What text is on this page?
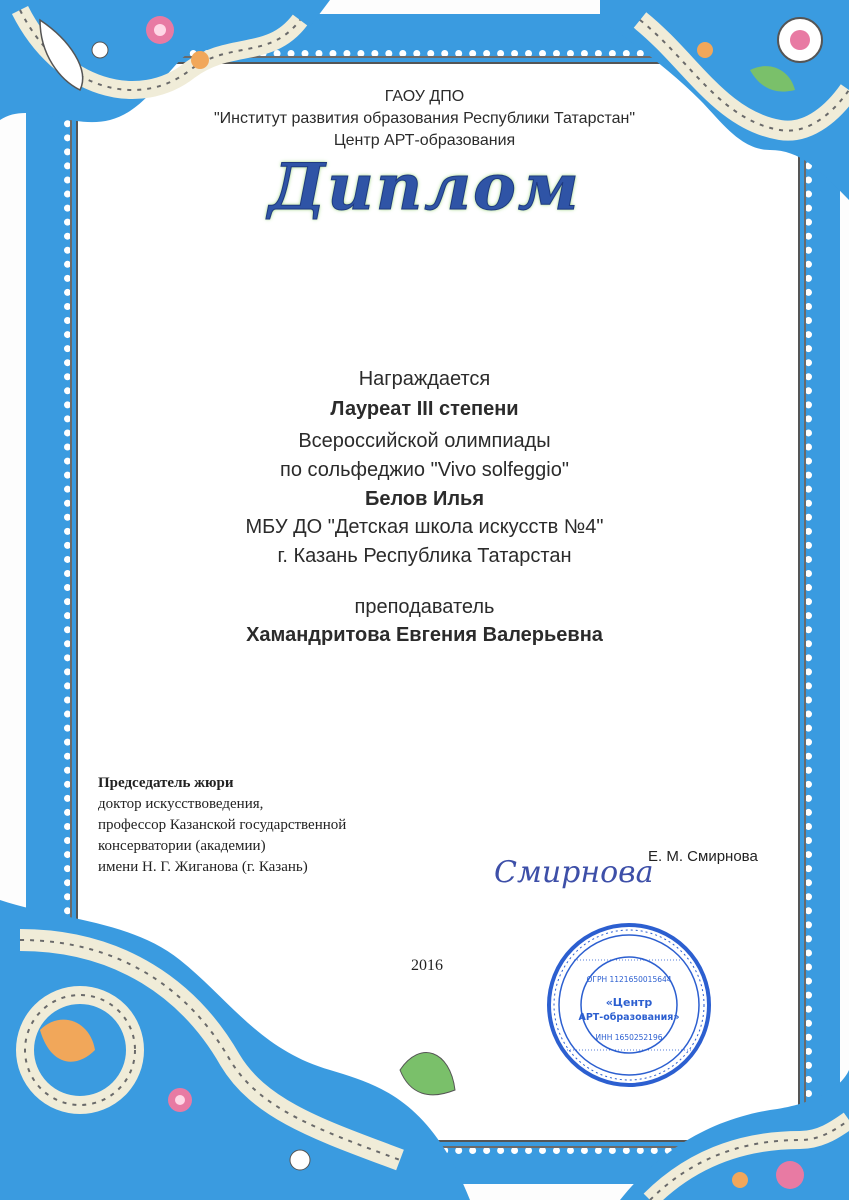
ГАОУ ДПО
"Институт развития образования Республики Татарстан"
Центр АРТ-образования
Диплом
Награждается
Лауреат III степени
Всероссийской олимпиады
по сольфеджио "Vivo solfeggio"
Белов Илья
МБУ ДО "Детская школа искусств №4"
г. Казань Республика Татарстан
преподаватель
Хамандритова Евгения Валерьевна
Председатель жюри
доктор искусствоведения,
профессор Казанской государственной
консерватории (академии)
имени Н. Г. Жиганова (г. Казань)	Смирнова
Е. М. Смирнова
2016
ОГРН 1121650015644
«Центр
АРТ-образования»
ИНН 1650252196
